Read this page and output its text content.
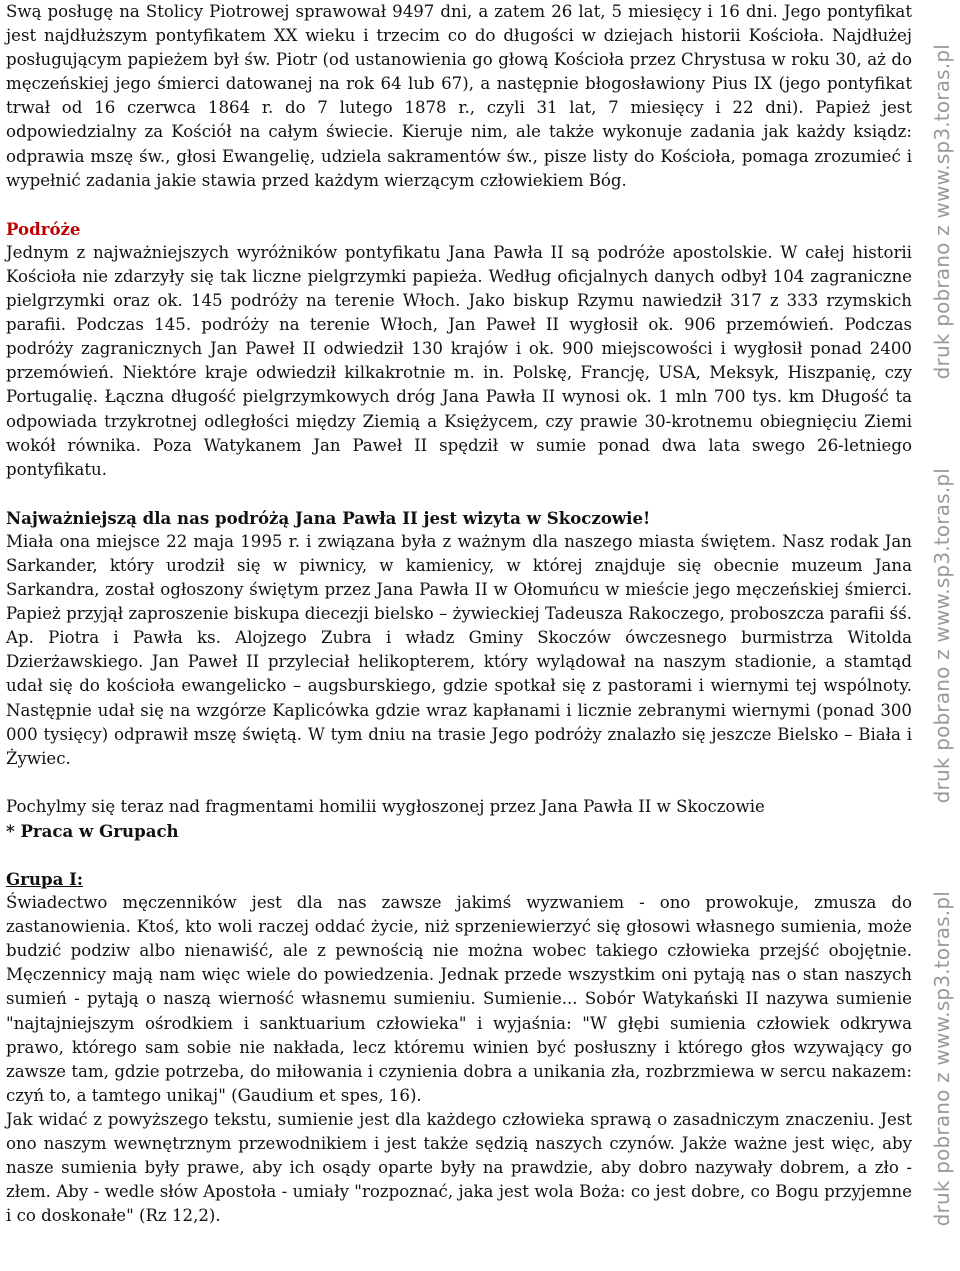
Swą posługę na Stolicy Piotrowej sprawował 9497 dni, a zatem 26 lat, 5 miesięcy i 16 dni. Jego pontyfikat jest najdłuższym pontyfikatem XX wieku i trzecim co do długości w dziejach historii Kościoła. Najdłużej posługującym papieżem był św. Piotr (od ustanowienia go głową Kościoła przez Chrystusa w roku 30, aż do męczeńskiej jego śmierci datowanej na rok 64 lub 67), a następnie błogosławiony Pius IX (jego pontyfikat trwał od 16 czerwca 1864 r. do 7 lutego 1878 r., czyli 31 lat, 7 miesięcy i 22 dni). Papież jest odpowiedzialny za Kościół na całym świecie. Kieruje nim, ale także wykonuje zadania jak każdy ksiądz: odprawia mszę św., głosi Ewangelię, udziela sakramentów św., pisze listy do Kościoła, pomaga zrozumieć i wypełnić zadania jakie stawia przed każdym wierzącym człowiekiem Bóg.

Podróże

Jednym z najważniejszych wyróżników pontyfikatu Jana Pawła II są podróże apostolskie. W całej historii Kościoła nie zdarzyły się tak liczne pielgrzymki papieża. Według oficjalnych danych odbył 104 zagraniczne pielgrzymki oraz ok. 145 podróży na terenie Włoch. Jako biskup Rzymu nawiedził 317 z 333 rzymskich parafii. Podczas 145. podróży na terenie Włoch, Jan Paweł II wygłosił ok. 906 przemówień. Podczas podróży zagranicznych Jan Paweł II odwiedził 130 krajów i ok. 900 miejscowości i wygłosił ponad 2400 przemówień. Niektóre kraje odwiedził kilkakrotnie m. in. Polskę, Francję, USA, Meksyk, Hiszpanię, czy Portugalię. Łączna długość pielgrzymkowych dróg Jana Pawła II wynosi ok. 1 mln 700 tys. km Długość ta odpowiada trzykrotnej odległości między Ziemią a Księżycem, czy prawie 30-krotnemu obiegnięciu Ziemi wokół równika. Poza Watykanem Jan Paweł II spędził w sumie ponad dwa lata swego 26-letniego pontyfikatu.

Najważniejszą dla nas podróżą Jana Pawła II jest wizyta w Skoczowie!

Miała ona miejsce 22 maja 1995 r. i związana była z ważnym dla naszego miasta świętem. Nasz rodak Jan Sarkander, który urodził się w piwnicy, w kamienicy, w której znajduje się obecnie muzeum Jana Sarkandra, został ogłoszony świętym przez Jana Pawła II w Ołomuńcu w mieście jego męczeńskiej śmierci. Papież przyjął zaproszenie biskupa diecezji bielsko – żywieckiej Tadeusza Rakoczego, proboszcza parafii śś. Ap. Piotra i Pawła ks. Alojzego Zubra i władz Gminy Skoczów ówczesnego burmistrza Witolda Dzierżawskiego. Jan Paweł II przyleciał helikopterem, który wylądował na naszym stadionie, a stamtąd udał się do kościoła ewangelicko – augsburskiego, gdzie spotkał się z pastorami i wiernymi tej wspólnoty. Następnie udał się na wzgórze Kaplicówka gdzie wraz kapłanami i licznie zebranymi wiernymi (ponad 300 000 tysięcy) odprawił mszę świętą. W tym dniu na trasie Jego podróży znalazło się jeszcze Bielsko – Biała i Żywiec.

Pochylmy się teraz nad fragmentami homilii wygłoszonej przez Jana Pawła II w Skoczowie

* Praca w Grupach

Grupa I:

Świadectwo męczenników jest dla nas zawsze jakimś wyzwaniem - ono prowokuje, zmusza do zastanowienia. Ktoś, kto woli raczej oddać życie, niż sprzeniewierzyć się głosowi własnego sumienia, może budzić podziw albo nienawiść, ale z pewnością nie można wobec takiego człowieka przejść obojętnie. Męczennicy mają nam więc wiele do powiedzenia. Jednak przede wszystkim oni pytają nas o stan naszych sumień - pytają o naszą wierność własnemu sumieniu. Sumienie... Sobór Watykański II nazywa sumienie "najtajniejszym ośrodkiem i sanktuarium człowieka" i wyjaśnia: "W głębi sumienia człowiek odkrywa prawo, którego sam sobie nie nakłada, lecz któremu winien być posłuszny i którego głos wzywający go zawsze tam, gdzie potrzeba, do miłowania i czynienia dobra a unikania zła, rozbrzmiewa w sercu nakazem: czyń to, a tamtego unikaj" (Gaudium et spes, 16).

Jak widać z powyższego tekstu, sumienie jest dla każdego człowieka sprawą o zasadniczym znaczeniu. Jest ono naszym wewnętrznym przewodnikiem i jest także sędzią naszych czynów. Jakże ważne jest więc, aby nasze sumienia były prawe, aby ich osądy oparte były na prawdzie, aby dobro nazywały dobrem, a zło - złem. Aby - wedle słów Apostoła - umiały "rozpoznać, jaka jest wola Boża: co jest dobre, co Bogu przyjemne i co doskonałe" (Rz 12,2).

druk pobrano z www.sp3.toras.pl
druk pobrano z www.sp3.toras.pl
druk pobrano z www.sp3.toras.pl
